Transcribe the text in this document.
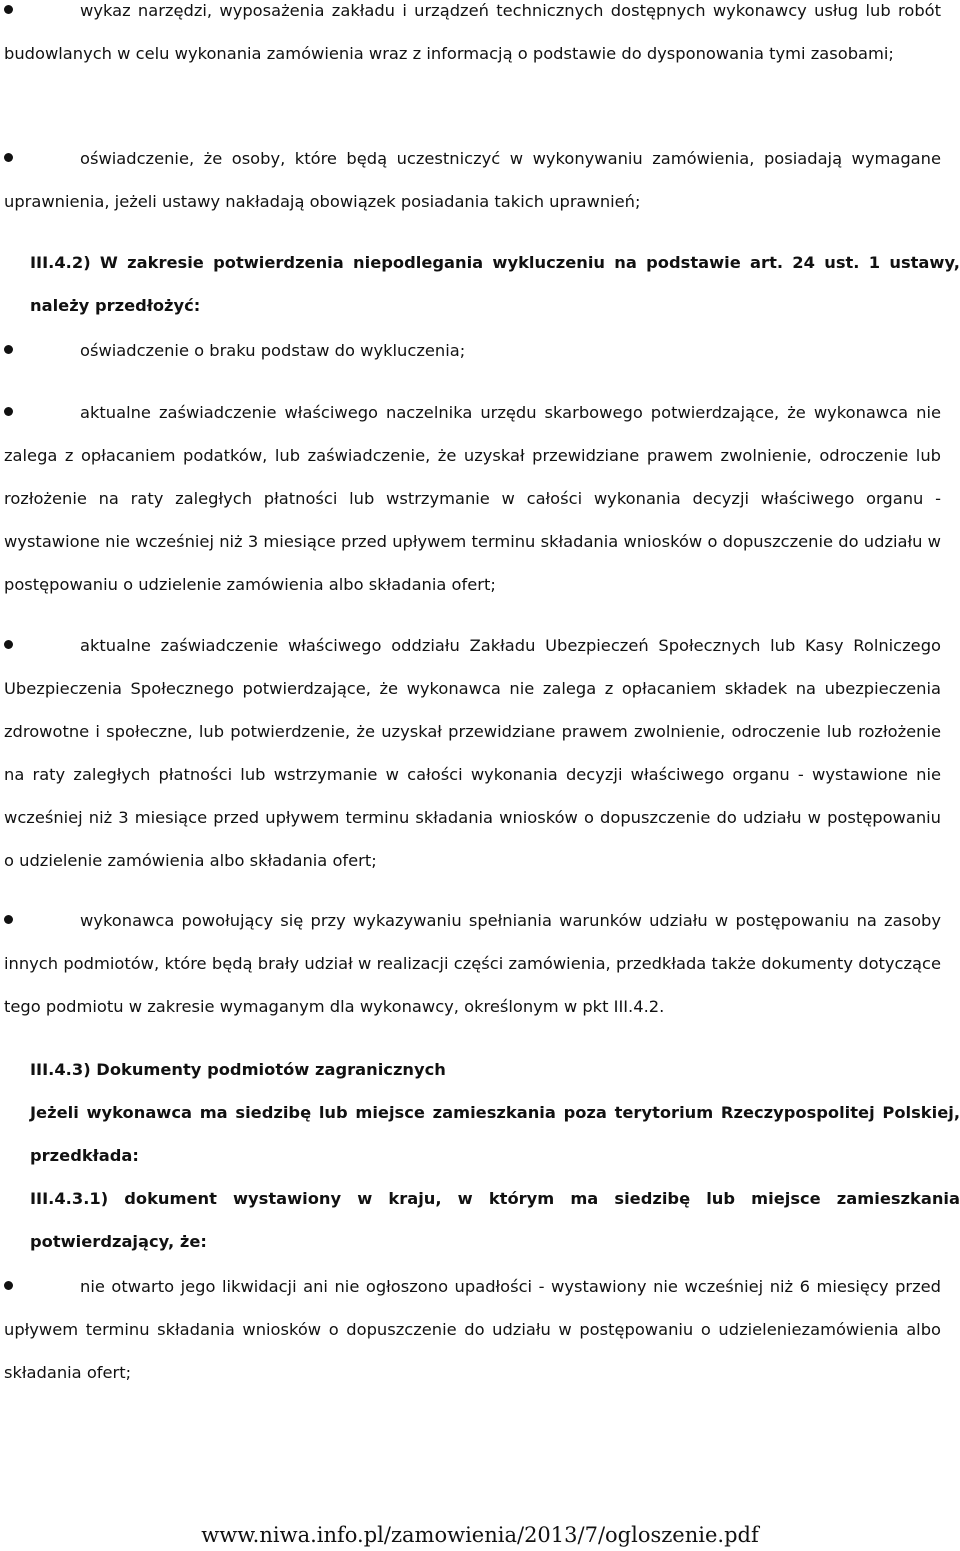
wykaz narzędzi, wyposażenia zakładu i urządzeń technicznych dostępnych wykonawcy usług lub robót budowlanych w celu wykonania zamówienia wraz z informacją o podstawie do dysponowania tymi zasobami;
oświadczenie, że osoby, które będą uczestniczyć w wykonywaniu zamówienia, posiadają wymagane uprawnienia, jeżeli ustawy nakładają obowiązek posiadania takich uprawnień;
III.4.2) W zakresie potwierdzenia niepodlegania wykluczeniu na podstawie art. 24 ust. 1 ustawy, należy przedłożyć:
oświadczenie o braku podstaw do wykluczenia;
aktualne zaświadczenie właściwego naczelnika urzędu skarbowego potwierdzające, że wykonawca nie zalega z opłacaniem podatków, lub zaświadczenie, że uzyskał przewidziane prawem zwolnienie, odroczenie lub rozłożenie na raty zaległych płatności lub wstrzymanie w całości wykonania decyzji właściwego organu - wystawione nie wcześniej niż 3 miesiące przed upływem terminu składania wniosków o dopuszczenie do udziału w postępowaniu o udzielenie zamówienia albo składania ofert;
aktualne zaświadczenie właściwego oddziału Zakładu Ubezpieczeń Społecznych lub Kasy Rolniczego Ubezpieczenia Społecznego potwierdzające, że wykonawca nie zalega z opłacaniem składek na ubezpieczenia zdrowotne i społeczne, lub potwierdzenie, że uzyskał przewidziane prawem zwolnienie, odroczenie lub rozłożenie na raty zaległych płatności lub wstrzymanie w całości wykonania decyzji właściwego organu - wystawione nie wcześniej niż 3 miesiące przed upływem terminu składania wniosków o dopuszczenie do udziału w postępowaniu o udzielenie zamówienia albo składania ofert;
wykonawca powołujący się przy wykazywaniu spełniania warunków udziału w postępowaniu na zasoby innych podmiotów, które będą brały udział w realizacji części zamówienia, przedkłada także dokumenty dotyczące tego podmiotu w zakresie wymaganym dla wykonawcy, określonym w pkt III.4.2.
III.4.3) Dokumenty podmiotów zagranicznych
Jeżeli wykonawca ma siedzibę lub miejsce zamieszkania poza terytorium Rzeczypospolitej Polskiej, przedkłada:
III.4.3.1) dokument wystawiony w kraju, w którym ma siedzibę lub miejsce zamieszkania potwierdzający, że:
nie otwarto jego likwidacji ani nie ogłoszono upadłości - wystawiony nie wcześniej niż 6 miesięcy przed upływem terminu składania wniosków o dopuszczenie do udziału w postępowaniu o udzieleniezamówienia albo składania ofert;
www.niwa.info.pl/zamowienia/2013/7/ogloszenie.pdf
